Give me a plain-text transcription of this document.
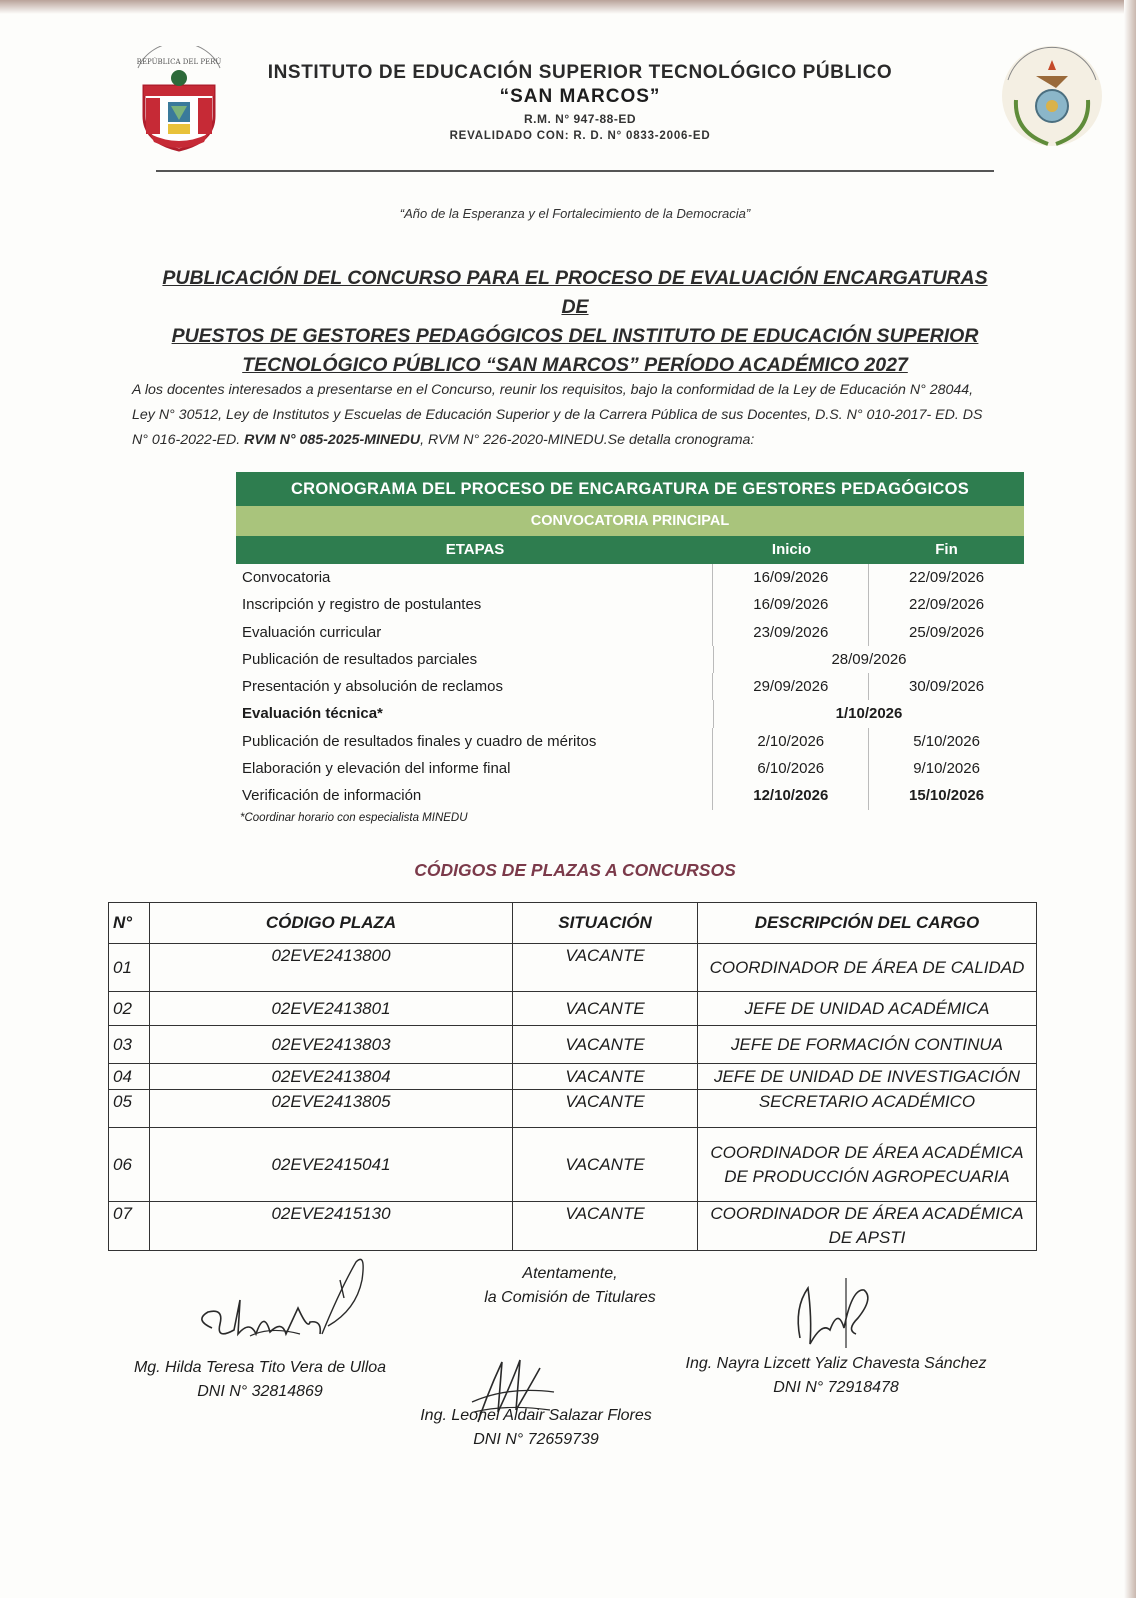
REPÚBLICA DEL PERÚ	INSTITUTO DE EDUCACIÓN SUPERIOR TECNOLÓGICO PÚBLICO
“SAN MARCOS”
R.M. N° 947-88-ED
REVALIDADO CON: R. D. N° 0833-2006-ED
“Año de la Esperanza y el Fortalecimiento de la Democracia”
PUBLICACIÓN DEL CONCURSO PARA EL PROCESO DE EVALUACIÓN ENCARGATURAS DE
PUESTOS DE GESTORES PEDAGÓGICOS DEL INSTITUTO DE EDUCACIÓN SUPERIOR
TECNOLÓGICO PÚBLICO “SAN MARCOS” PERÍODO ACADÉMICO 2027
A los docentes interesados a presentarse en el Concurso, reunir los requisitos, bajo la conformidad de la Ley de Educación N° 28044, Ley N° 30512, Ley de Institutos y Escuelas de Educación Superior y de la Carrera Pública de sus Docentes, D.S. N° 010-2017- ED. DS N° 016-2022-ED. RVM N° 085-2025-MINEDU, RVM N° 226-2020-MINEDU.Se detalla cronograma:
CRONOGRAMA DEL PROCESO DE ENCARGATURA DE GESTORES PEDAGÓGICOS
CONVOCATORIA PRINCIPAL
ETAPAS	Inicio	Fin
Convocatoria	16/09/2026	22/09/2026
Inscripción y registro de postulantes	16/09/2026	22/09/2026
Evaluación curricular	23/09/2026	25/09/2026
Publicación de resultados parciales	28/09/2026
Presentación y absolución de reclamos	29/09/2026	30/09/2026
Evaluación técnica*	1/10/2026
Publicación de resultados finales y cuadro de méritos	2/10/2026	5/10/2026
Elaboración y elevación del informe final	6/10/2026	9/10/2026
Verificación de información	12/10/2026	15/10/2026
*Coordinar horario con especialista MINEDU
CÓDIGOS DE PLAZAS A CONCURSOS
N°	CÓDIGO PLAZA	SITUACIÓN	DESCRIPCIÓN DEL CARGO
01	02EVE2413800	VACANTE	COORDINADOR DE ÁREA DE CALIDAD
02	02EVE2413801	VACANTE	JEFE DE UNIDAD ACADÉMICA
03	02EVE2413803	VACANTE	JEFE DE FORMACIÓN CONTINUA
04	02EVE2413804	VACANTE	JEFE DE UNIDAD DE INVESTIGACIÓN
05	02EVE2413805	VACANTE	SECRETARIO ACADÉMICO
06	02EVE2415041	VACANTE	COORDINADOR DE ÁREA ACADÉMICA DE PRODUCCIÓN AGROPECUARIA
07	02EVE2415130	VACANTE	COORDINADOR DE ÁREA ACADÉMICA DE APSTI
Atentamente,
la Comisión de Titulares
Mg. Hilda Teresa Tito Vera de Ulloa
DNI N° 32814869
Ing. Leonel Aldair Salazar Flores
DNI N° 72659739
Ing. Nayra Lizcett Yaliz Chavesta Sánchez
DNI N° 72918478
